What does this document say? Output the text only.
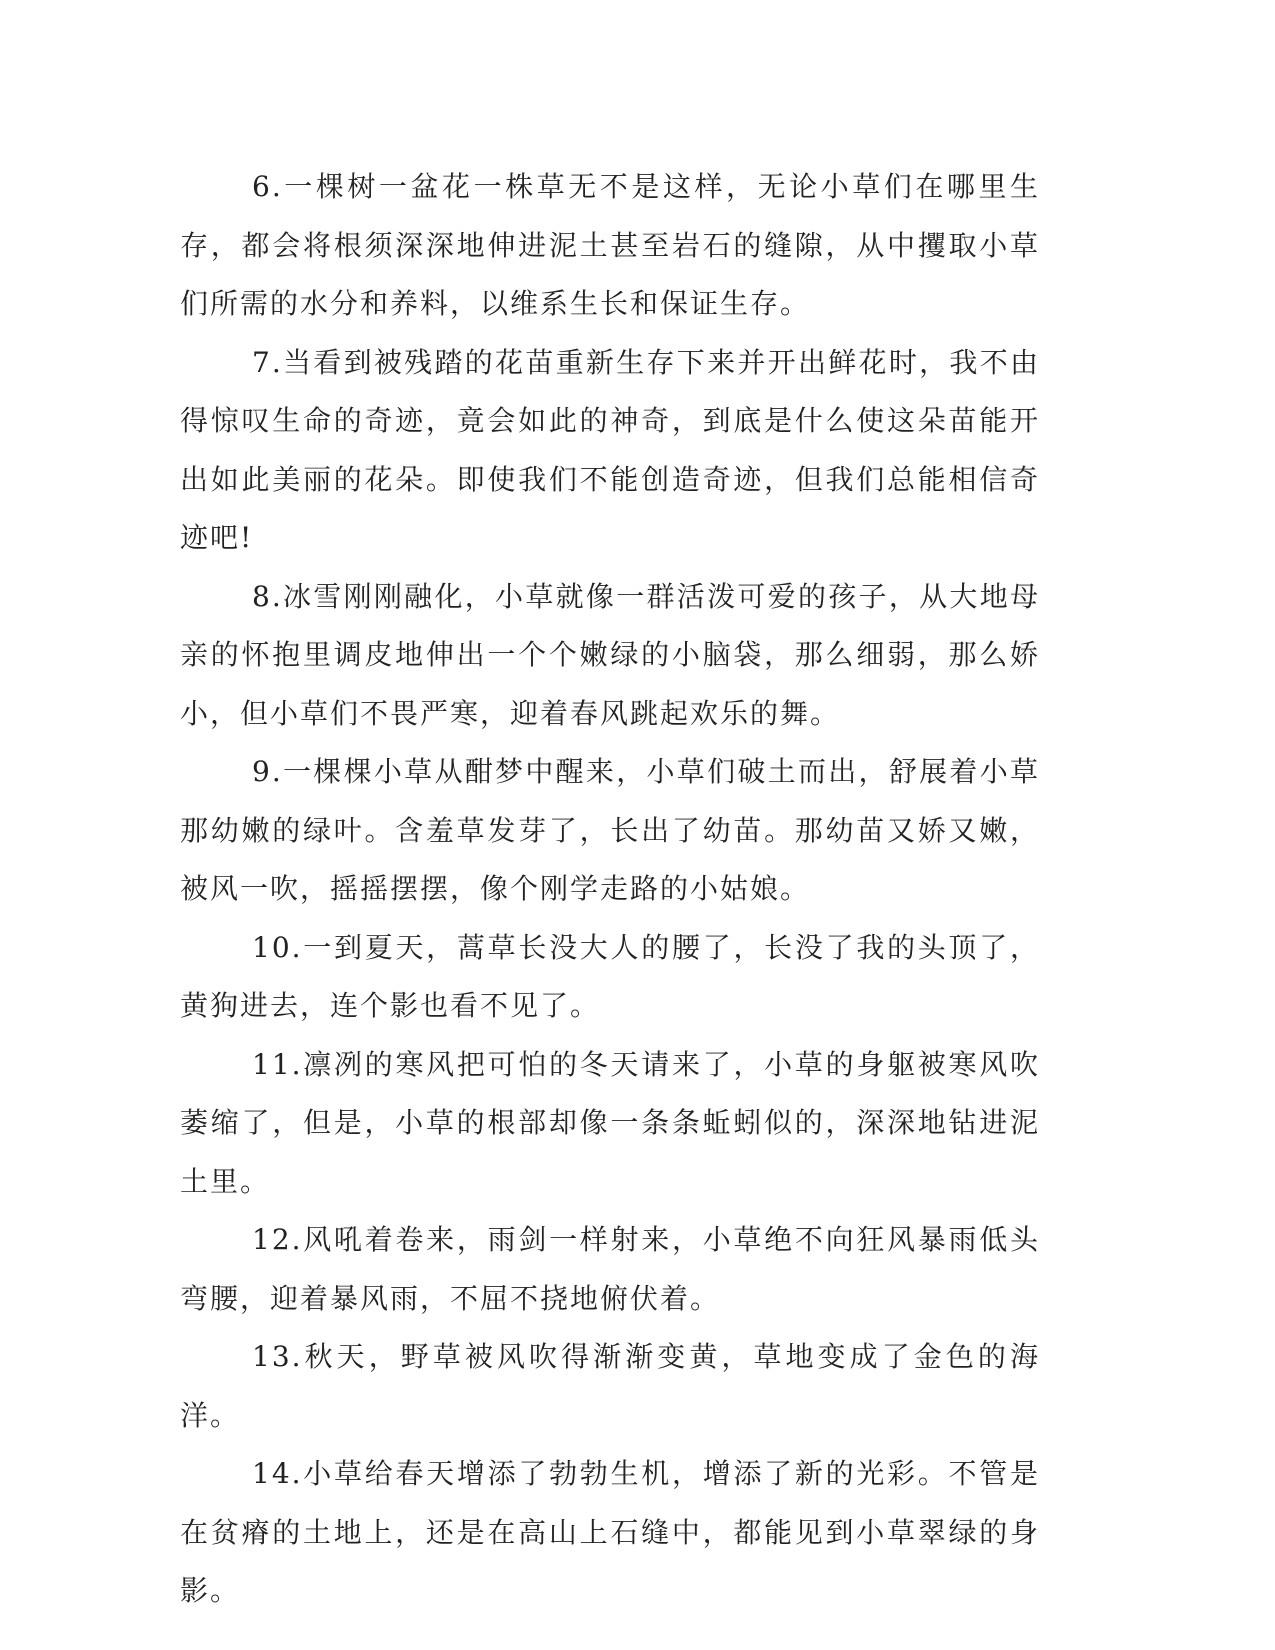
6.一棵树一盆花一株草无不是这样，无论小草们在哪里生存，都会将根须深深地伸进泥土甚至岩石的缝隙，从中攫取小草们所需的水分和养料，以维系生长和保证生存。

7.当看到被残踏的花苗重新生存下来并开出鲜花时，我不由得惊叹生命的奇迹，竟会如此的神奇，到底是什么使这朵苗能开出如此美丽的花朵。即使我们不能创造奇迹，但我们总能相信奇迹吧!

8.冰雪刚刚融化，小草就像一群活泼可爱的孩子，从大地母亲的怀抱里调皮地伸出一个个嫩绿的小脑袋，那么细弱，那么娇小，但小草们不畏严寒，迎着春风跳起欢乐的舞。

9.一棵棵小草从酣梦中醒来，小草们破土而出，舒展着小草那幼嫩的绿叶。含羞草发芽了，长出了幼苗。那幼苗又娇又嫩，被风一吹，摇摇摆摆，像个刚学走路的小姑娘。

10.一到夏天，蒿草长没大人的腰了，长没了我的头顶了，黄狗进去，连个影也看不见了。

11.凛冽的寒风把可怕的冬天请来了，小草的身躯被寒风吹萎缩了，但是，小草的根部却像一条条蚯蚓似的，深深地钻进泥土里。

12.风吼着卷来，雨剑一样射来，小草绝不向狂风暴雨低头弯腰，迎着暴风雨，不屈不挠地俯伏着。

13.秋天，野草被风吹得渐渐变黄，草地变成了金色的海洋。

14.小草给春天增添了勃勃生机，增添了新的光彩。不管是在贫瘠的土地上，还是在高山上石缝中，都能见到小草翠绿的身影。
